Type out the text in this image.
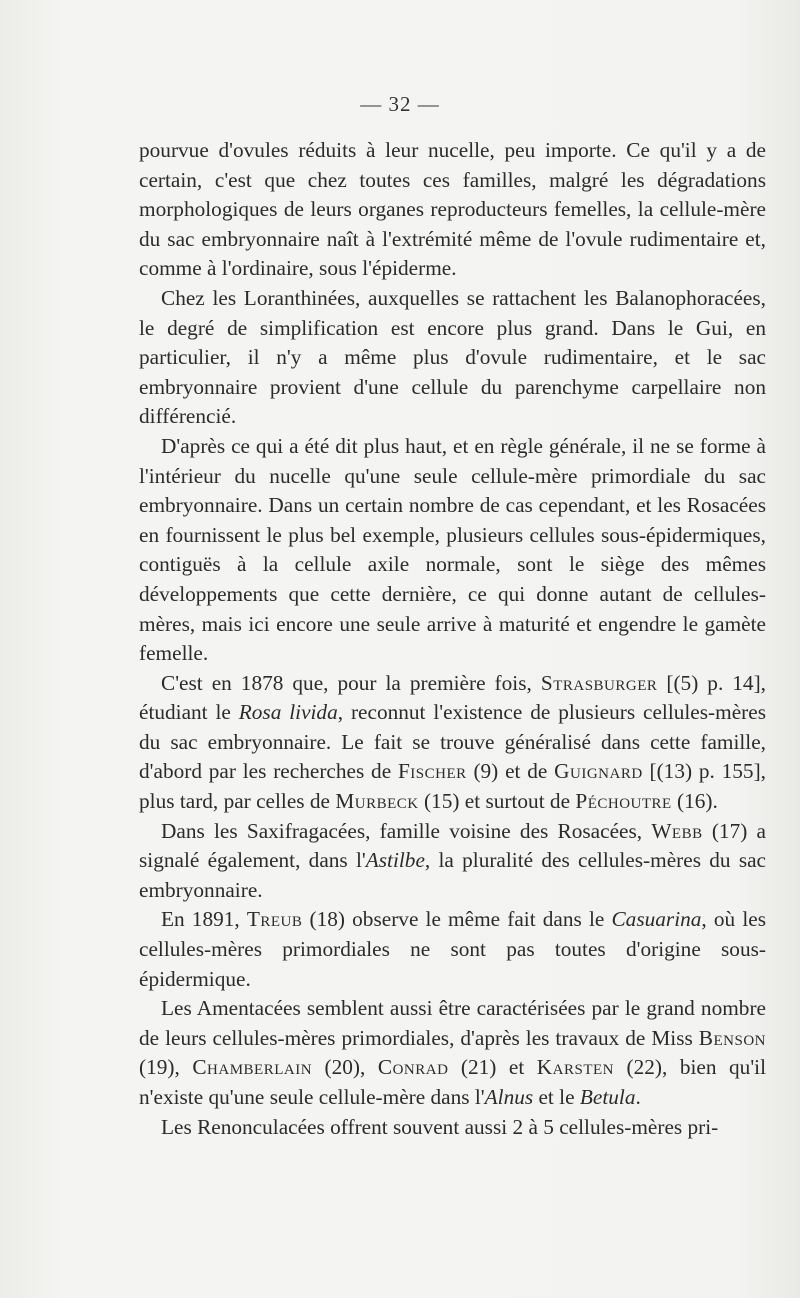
— 32 —

pourvue d'ovules réduits à leur nucelle, peu importe. Ce qu'il y a de certain, c'est que chez toutes ces familles, malgré les dégradations morphologiques de leurs organes reproducteurs femelles, la cellule-mère du sac embryonnaire naît à l'extrémité même de l'ovule rudimentaire et, comme à l'ordinaire, sous l'épiderme.

Chez les Loranthinées, auxquelles se rattachent les Balanophoracées, le degré de simplification est encore plus grand. Dans le Gui, en particulier, il n'y a même plus d'ovule rudimentaire, et le sac embryonnaire provient d'une cellule du parenchyme carpellaire non différencié.

D'après ce qui a été dit plus haut, et en règle générale, il ne se forme à l'intérieur du nucelle qu'une seule cellule-mère primordiale du sac embryonnaire. Dans un certain nombre de cas cependant, et les Rosacées en fournissent le plus bel exemple, plusieurs cellules sous-épidermiques, contiguës à la cellule axile normale, sont le siège des mêmes développements que cette dernière, ce qui donne autant de cellules-mères, mais ici encore une seule arrive à maturité et engendre le gamète femelle.

C'est en 1878 que, pour la première fois, Strasburger [(5) p. 14], étudiant le Rosa livida, reconnut l'existence de plusieurs cellules-mères du sac embryonnaire. Le fait se trouve généralisé dans cette famille, d'abord par les recherches de Fischer (9) et de Guignard [(13) p. 155], plus tard, par celles de Murbeck (15) et surtout de Péchoutre (16).

Dans les Saxifragacées, famille voisine des Rosacées, Webb (17) a signalé également, dans l'Astilbe, la pluralité des cellules-mères du sac embryonnaire.

En 1891, Treub (18) observe le même fait dans le Casuarina, où les cellules-mères primordiales ne sont pas toutes d'origine sous-épidermique.

Les Amentacées semblent aussi être caractérisées par le grand nombre de leurs cellules-mères primordiales, d'après les travaux de Miss Benson (19), Chamberlain (20), Conrad (21) et Karsten (22), bien qu'il n'existe qu'une seule cellule-mère dans l'Alnus et le Betula.

Les Renonculacées offrent souvent aussi 2 à 5 cellules-mères pri-
